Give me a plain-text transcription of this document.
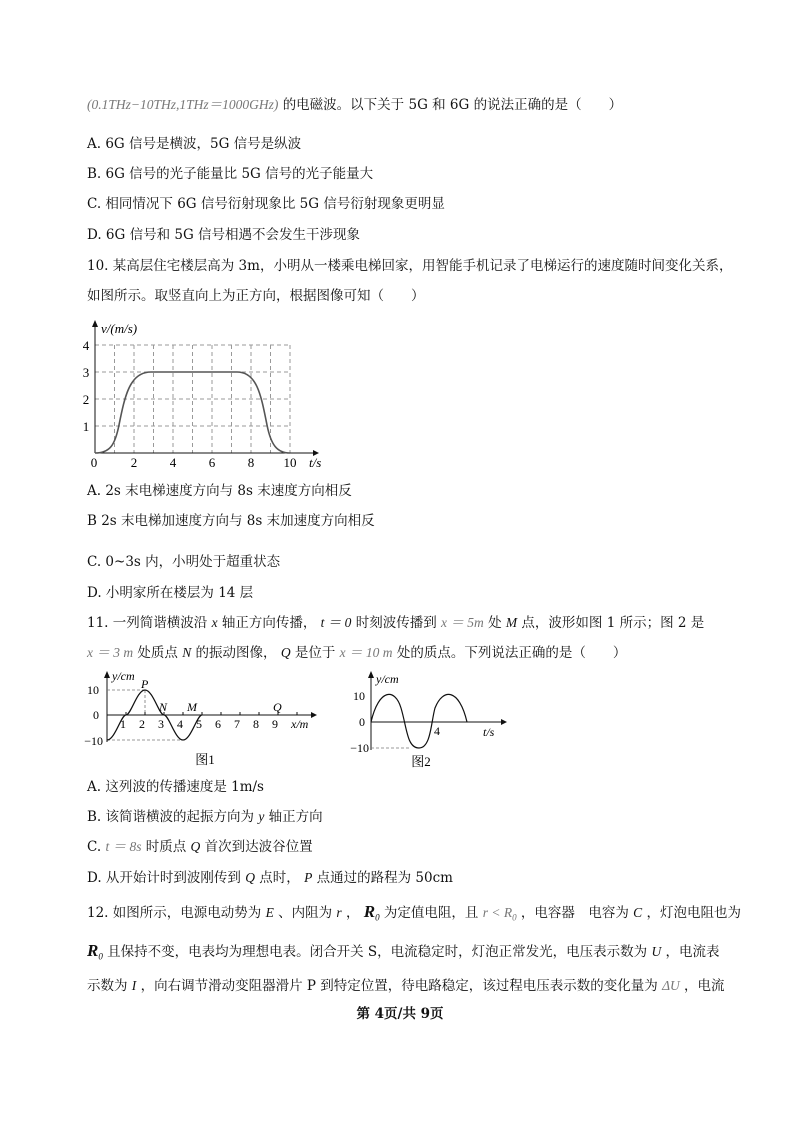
(0.1THz−10THz,1THz＝1000GHz) 的电磁波。以下关于 5G 和 6G 的说法正确的是（　　）
A. 6G 信号是横波，5G 信号是纵波
B. 6G 信号的光子能量比 5G 信号的光子能量大
C. 相同情况下 6G 信号衍射现象比 5G 信号衍射现象更明显
D. 6G 信号和 5G 信号相遇不会发生干涉现象
10. 某高层住宅楼层高为 3m，小明从一楼乘电梯回家，用智能手机记录了电梯运行的速度随时间变化关系，
如图所示。取竖直向上为正方向，根据图像可知（　　）
v/(m/s)
4
3
2
1
0	2	4	6	8 10 t/s
A. 2s 末电梯速度方向与 8s 末速度方向相反
B 2s 末电梯加速度方向与 8s 末加速度方向相反
C. 0~3s 内，小明处于超重状态
D. 小明家所在楼层为 14 层
11. 一列简谐横波沿 x 轴正方向传播， t ＝ 0 时刻波传播到 x ＝ 5m 处 M 点，波形如图 1 所示；图 2 是
x ＝ 3 m 处质点 N 的振动图像， Q 是位于 x ＝ 10 m 处的质点。下列说法正确的是（　　）
y/cm
P
N M	Q
10
0
−10
1 2 3 4 5 6 7 8 9 x/m
图1
y/cm
10
0
−10
4	t/s
图2
A. 这列波的传播速度是 1m/s
B. 该简谐横波的起振方向为 y 轴正方向
C. t ＝ 8s 时质点 Q 首次到达波谷位置
D. 从开始计时到波刚传到 Q 点时， P 点通过的路程为 50cm
12. 如图所示，电源电动势为 E 、内阻为 r ， $R_0$ 为定值电阻，且 $r < R_0$ ，电容器　电容为 C ，灯泡电阻也为
$R_0$ 且保持不变，电表均为理想电表。闭合开关 S，电流稳定时，灯泡正常发光，电压表示数为 U ，电流表
示数为 I ，向右调节滑动变阻器滑片 P 到特定位置，待电路稳定，该过程电压表示数的变化量为 ΔU ，电流
第 4页/共 9页
